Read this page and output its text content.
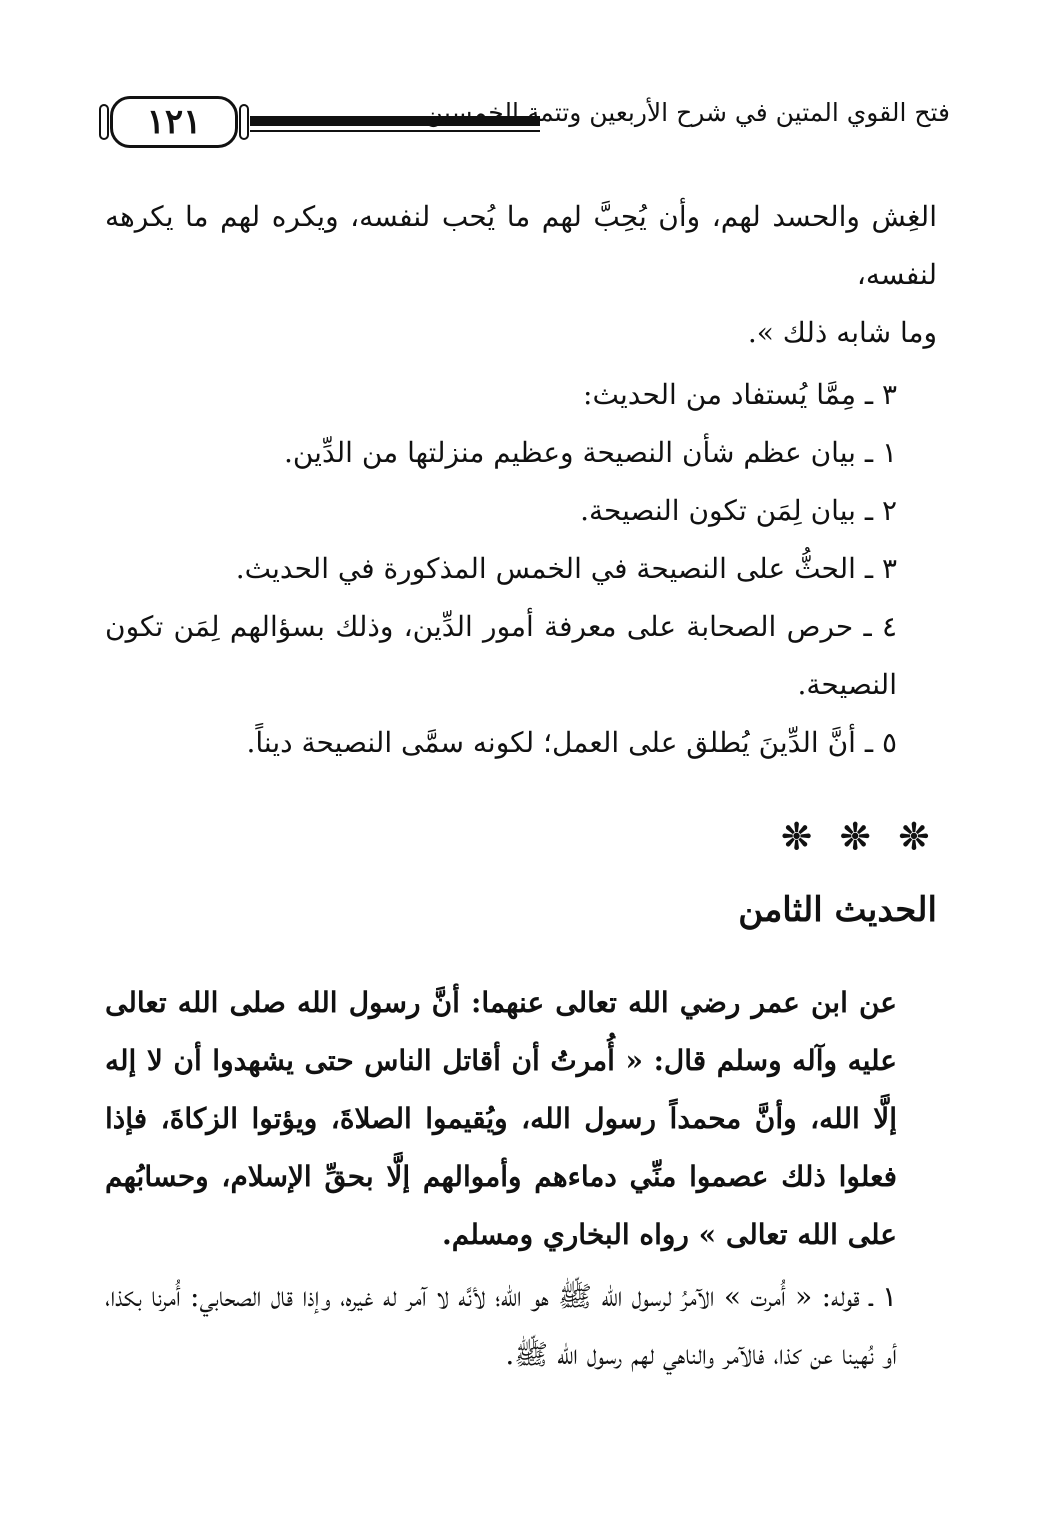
١٢١	فتح القوي المتين في شرح الأربعين وتتمة الخمسين

الغِش والحسد لهم، وأن يُحِبَّ لهم ما يُحب لنفسه، ويكره لهم ما يكرهه لنفسه،

وما شابه ذلك ».

٣ ـ مِمَّا يُستفاد من الحديث:

١ ـ بيان عظم شأن النصيحة وعظيم منزلتها من الدِّين.

٢ ـ بيان لِمَن تكون النصيحة.

٣ ـ الحثُّ على النصيحة في الخمس المذكورة في الحديث.

٤ ـ حرص الصحابة على معرفة أمور الدِّين، وذلك بسؤالهم لِمَن تكون النصيحة.

٥ ـ أنَّ الدِّينَ يُطلق على العمل؛ لكونه سمَّى النصيحة ديناً.

❊ ❊ ❊
الحديث الثامن

عن ابن عمر رضي الله تعالى عنهما: أنَّ رسول الله صلى الله تعالى عليه وآله وسلم قال: « أُمرتُ أن أقاتل الناس حتى يشهدوا أن لا إله إلَّا الله، وأنَّ محمداً رسول الله، ويُقيموا الصلاةَ، ويؤتوا الزكاةَ، فإذا فعلوا ذلك عصموا منِّي دماءهم وأموالهم إلَّا بحقِّ الإسلام، وحسابُهم على الله تعالى » رواه البخاري ومسلم.

١ ـ قوله: « أُمرت » الآمرُ لرسول الله ﷺ هو الله؛ لأنَّه لا آمر له غيره، وإذا قال الصحابي: أُمرنا بكذا، أو نُهينا عن كذا، فالآمر والناهي لهم رسول الله ﷺ.
